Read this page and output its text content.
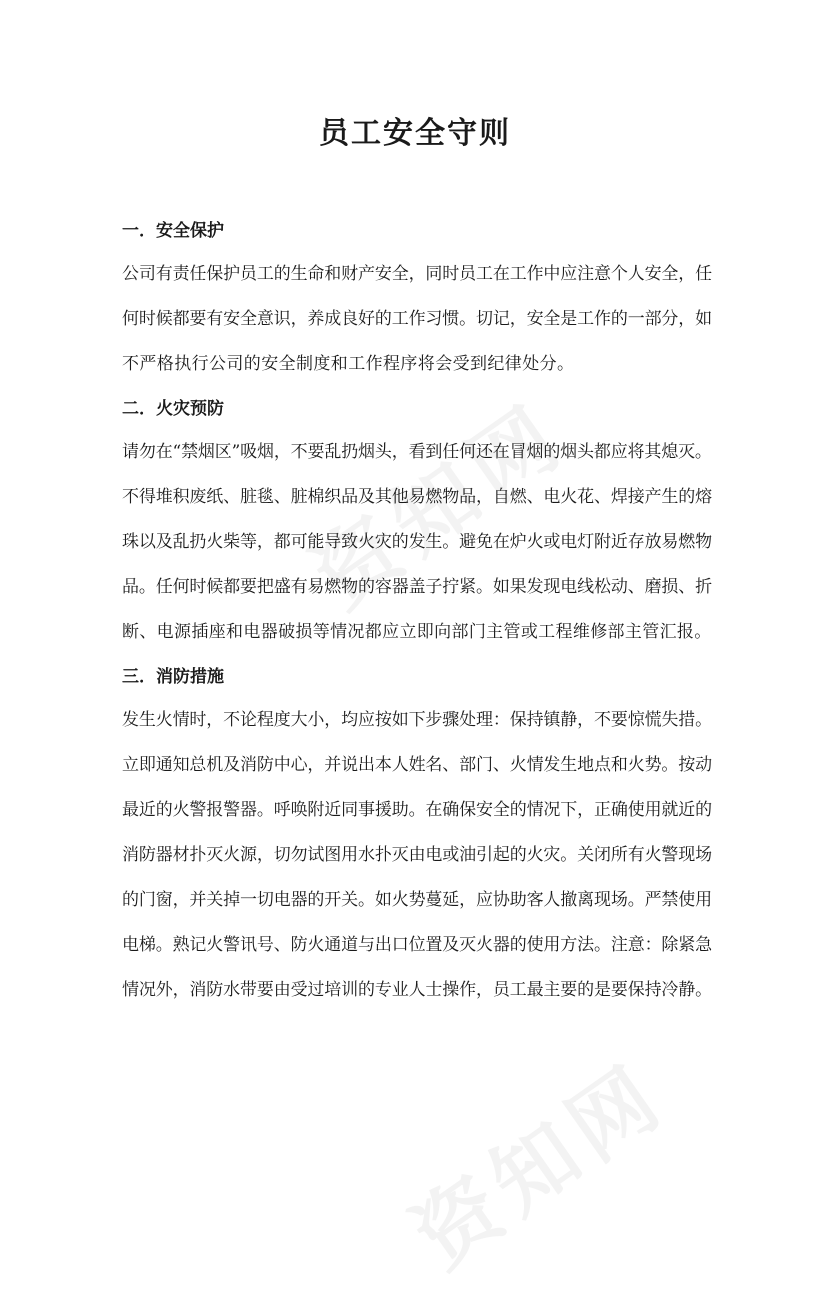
员工安全守则
一．安全保护
公司有责任保护员工的生命和财产安全，同时员工在工作中应注意个人安全，任
何时候都要有安全意识，养成良好的工作习惯。切记，安全是工作的一部分，如
不严格执行公司的安全制度和工作程序将会受到纪律处分。
二．火灾预防
请勿在“禁烟区”吸烟，不要乱扔烟头，看到任何还在冒烟的烟头都应将其熄灭。
不得堆积废纸、脏毯、脏棉织品及其他易燃物品，自燃、电火花、焊接产生的熔
珠以及乱扔火柴等，都可能导致火灾的发生。避免在炉火或电灯附近存放易燃物
品。任何时候都要把盛有易燃物的容器盖子拧紧。如果发现电线松动、磨损、折
断、电源插座和电器破损等情况都应立即向部门主管或工程维修部主管汇报。
三．消防措施
发生火情时，不论程度大小，均应按如下步骤处理：保持镇静，不要惊慌失措。
立即通知总机及消防中心，并说出本人姓名、部门、火情发生地点和火势。按动
最近的火警报警器。呼唤附近同事援助。在确保安全的情况下，正确使用就近的
消防器材扑灭火源，切勿试图用水扑灭由电或油引起的火灾。关闭所有火警现场
的门窗，并关掉一切电器的开关。如火势蔓延，应协助客人撤离现场。严禁使用
电梯。熟记火警讯号、防火通道与出口位置及灭火器的使用方法。注意：除紧急
情况外，消防水带要由受过培训的专业人士操作，员工最主要的是要保持冷静。
